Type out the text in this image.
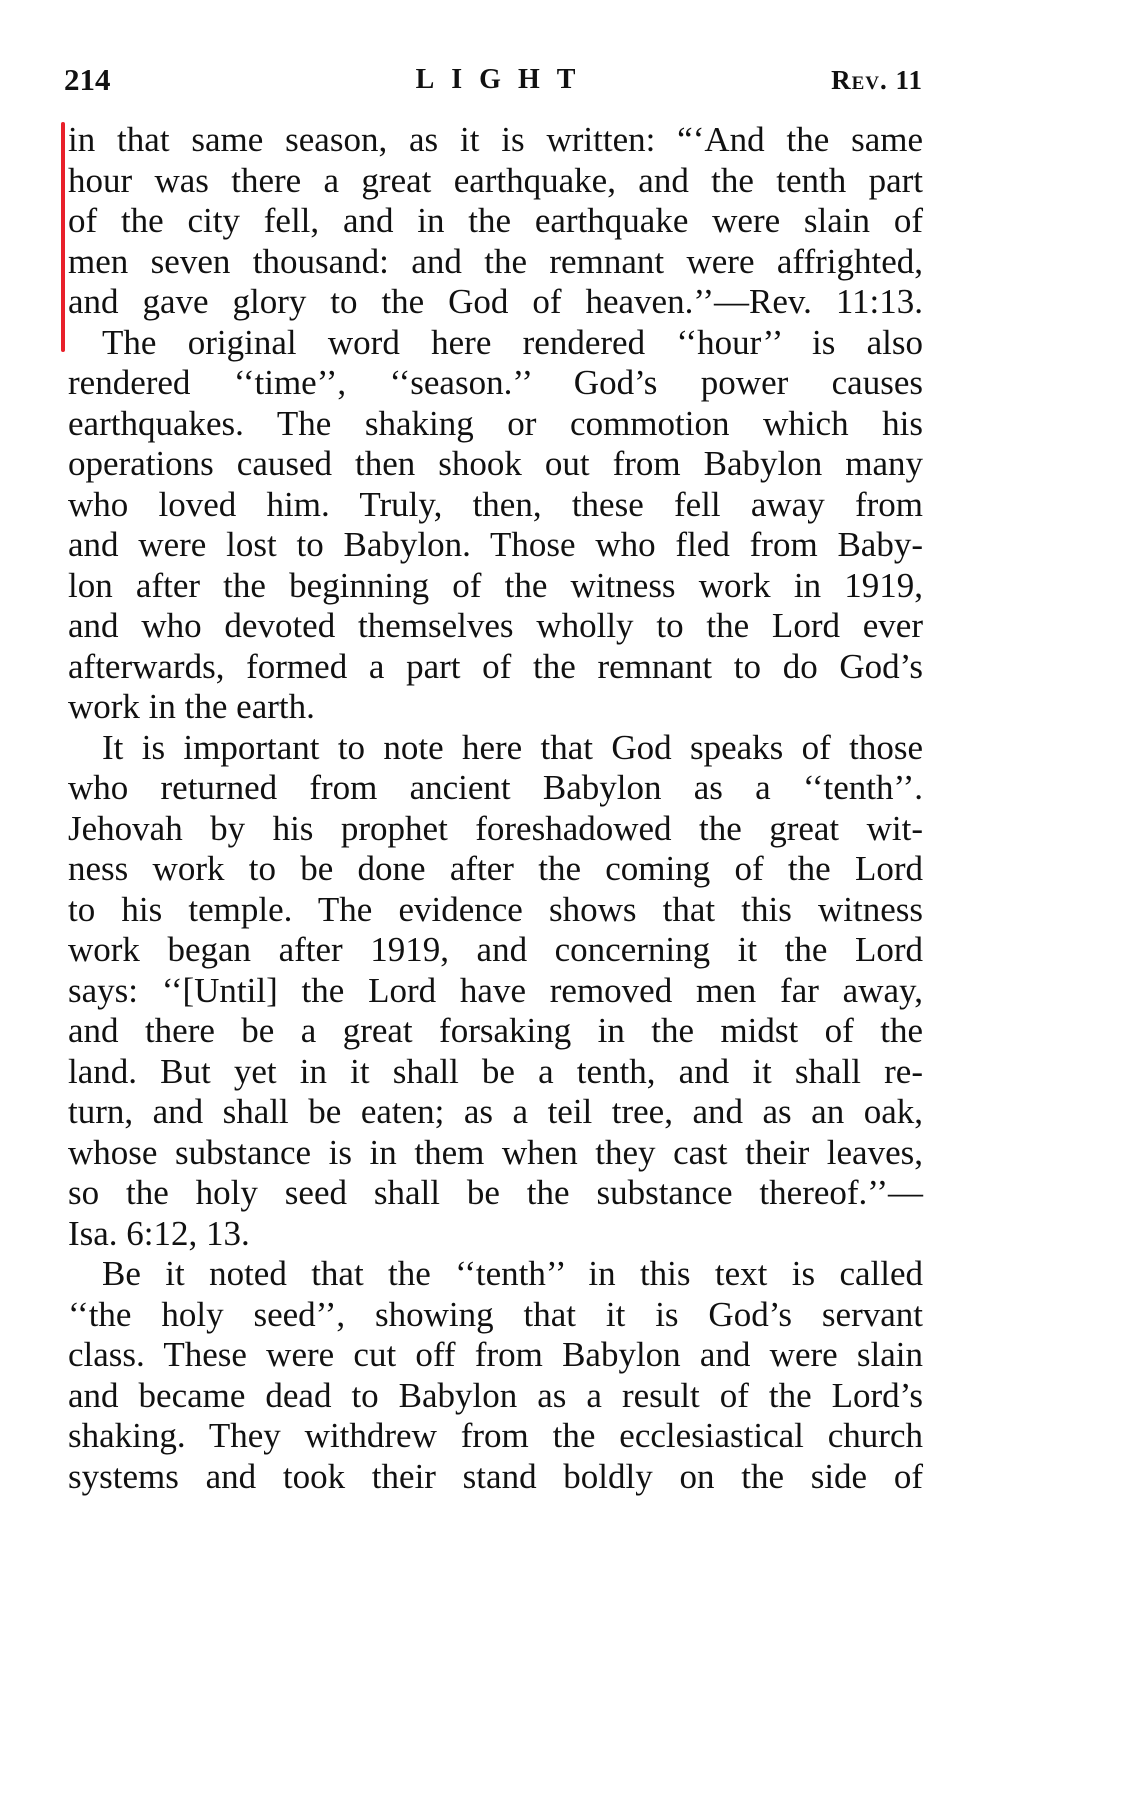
214	LIGHT	Rev. 11
in that same season, as it is written: “‘And the same
hour was there a great earthquake, and the tenth part
of the city fell, and in the earthquake were slain of
men seven thousand: and the remnant were affrighted,
and gave glory to the God of heaven.’’—Rev. 11:13.
The original word here rendered ‘‘hour’’ is also
rendered ‘‘time’’, ‘‘season.’’ God’s power causes
earthquakes. The shaking or commotion which his
operations caused then shook out from Babylon many
who loved him. Truly, then, these fell away from
and were lost to Babylon. Those who fled from Baby-
lon after the beginning of the witness work in 1919,
and who devoted themselves wholly to the Lord ever
afterwards, formed a part of the remnant to do God’s
work in the earth.
It is important to note here that God speaks of those
who returned from ancient Babylon as a ‘‘tenth’’.
Jehovah by his prophet foreshadowed the great wit-
ness work to be done after the coming of the Lord
to his temple. The evidence shows that this witness
work began after 1919, and concerning it the Lord
says: ‘‘[Until] the Lord have removed men far away,
and there be a great forsaking in the midst of the
land. But yet in it shall be a tenth, and it shall re-
turn, and shall be eaten; as a teil tree, and as an oak,
whose substance is in them when they cast their leaves,
so the holy seed shall be the substance thereof.’’—
Isa. 6:12, 13.
Be it noted that the ‘‘tenth’’ in this text is called
‘‘the holy seed’’, showing that it is God’s servant
class. These were cut off from Babylon and were slain
and became dead to Babylon as a result of the Lord’s
shaking. They withdrew from the ecclesiastical church
systems and took their stand boldly on the side of
